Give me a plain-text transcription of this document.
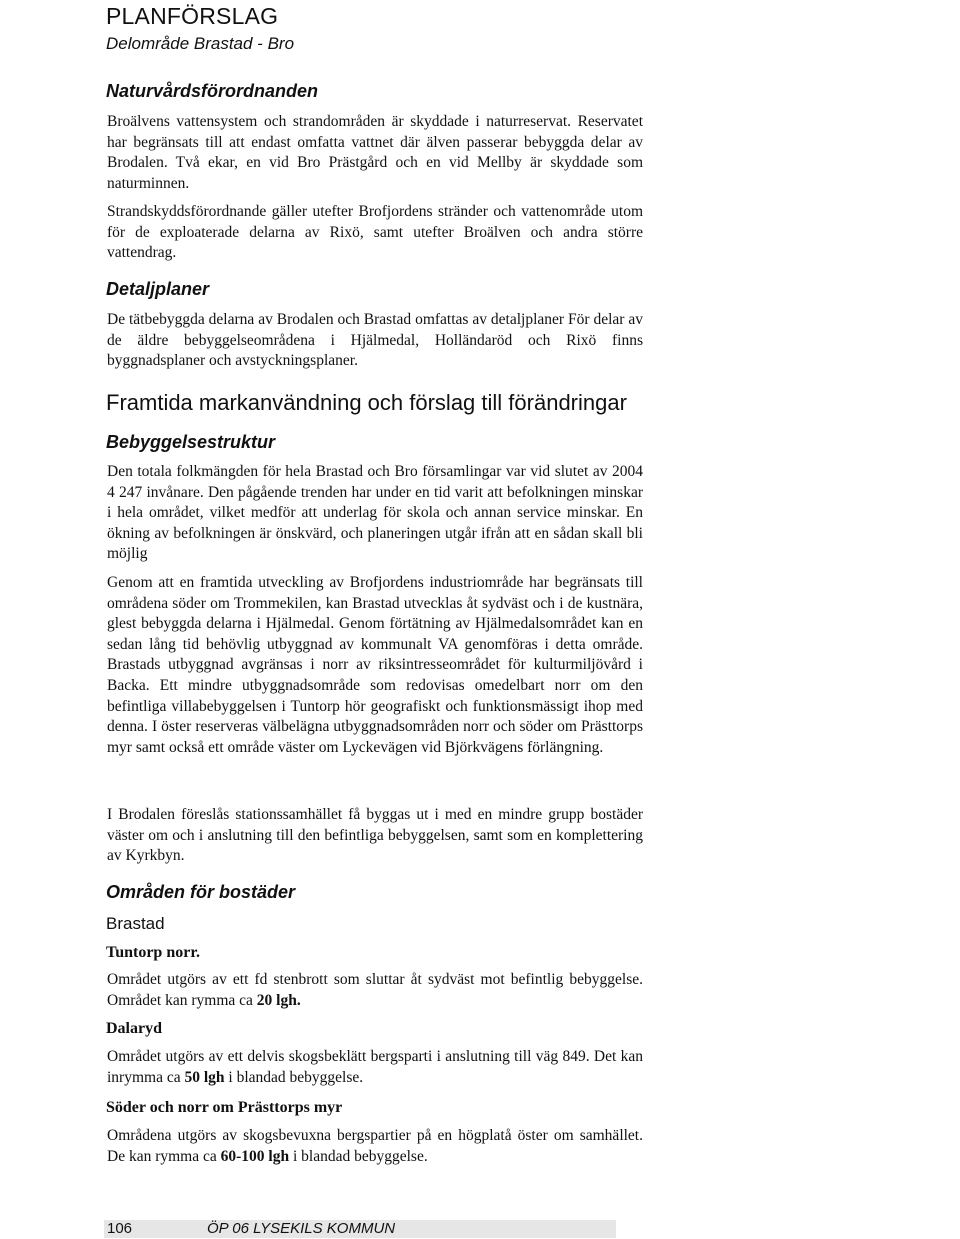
PLANFÖRSLAG
Delområde Brastad - Bro
Naturvårdsförordnanden

Broälvens vattensystem och strandområden är skyddade i naturreservat. Reservatet har begränsats till att endast omfatta vattnet där älven passerar bebyggda delar av Brodalen. Två ekar, en vid Bro Prästgård och en vid Mellby är skyddade som naturminnen.

Strandskyddsförordnande gäller utefter Brofjordens stränder och vattenområde utom för de exploaterade delarna av Rixö, samt utefter Broälven och andra större vattendrag.

Detaljplaner

De tätbebyggda delarna av Brodalen och Brastad omfattas av detaljplaner För delar av de äldre bebyggelseområdena i Hjälmedal, Holländaröd och Rixö finns byggnadsplaner och avstyckningsplaner.

Framtida markanvändning och förslag till förändringar
Bebyggelsestruktur

Den totala folkmängden för hela Brastad och Bro församlingar var vid slutet av 2004 4 247 invånare. Den pågående trenden har under en tid varit att befolkningen minskar i hela området, vilket medför att underlag för skola och annan service minskar. En ökning av befolkningen är önskvärd, och planeringen utgår ifrån att en sådan skall bli möjlig

Genom att en framtida utveckling av Brofjordens industriområde har begränsats till områdena söder om Trommekilen, kan Brastad utvecklas åt sydväst och i de kustnära, glest bebyggda delarna i Hjälmedal. Genom förtätning av Hjälmedalsområdet kan en sedan lång tid behövlig utbyggnad av kommunalt VA genomföras i detta område. Brastads utbyggnad avgränsas i norr av riksintresseområdet för kulturmiljövård i Backa. Ett mindre utbyggnadsområde som redovisas omedelbart norr om den befintliga villabebyggelsen i Tuntorp hör geografiskt och funktionsmässigt ihop med denna. I öster reserveras välbelägna utbyggnadsområden norr och söder om Prästtorps myr samt också ett område väster om Lyckevägen vid Björkvägens förlängning.

I Brodalen föreslås stationssamhället få byggas ut i med en mindre grupp bostäder väster om och i anslutning till den befintliga bebyggelsen, samt som en komplettering av Kyrkbyn.

Områden för bostäder
Brastad
Tuntorp norr.

Området utgörs av ett fd stenbrott som sluttar åt sydväst mot befintlig bebyggelse. Området kan rymma ca 20 lgh.

Dalaryd

Området utgörs av ett delvis skogsbeklätt bergsparti i anslutning till väg 849. Det kan inrymma ca 50 lgh i blandad bebyggelse.

Söder och norr om Prästtorps myr

Områdena utgörs av skogsbevuxna bergspartier på en högplatå öster om samhället. De kan rymma ca 60-100 lgh i blandad bebyggelse.

106	ÖP 06 LYSEKILS KOMMUN
